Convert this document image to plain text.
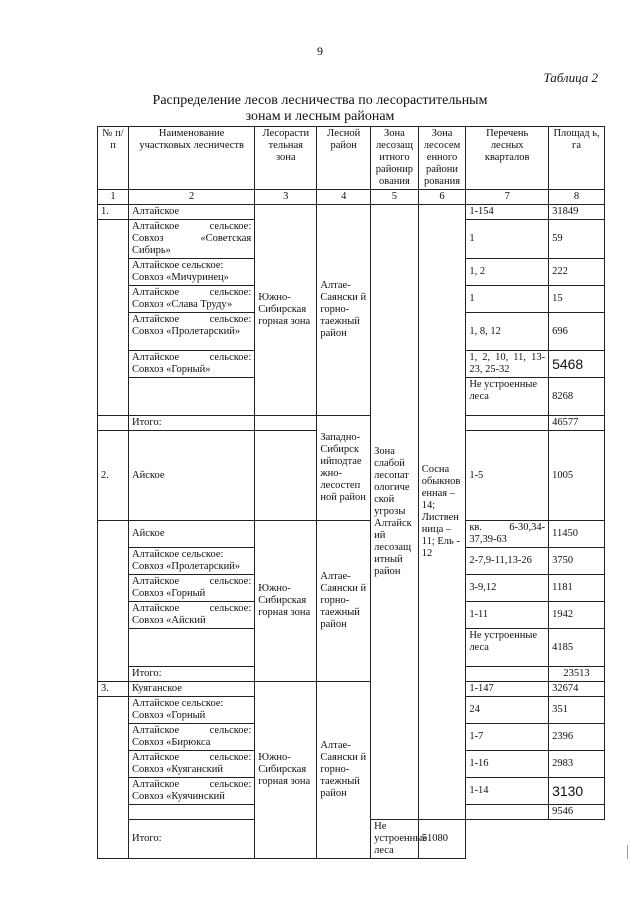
9
Таблица 2
Распределение лесов лесничества по лесорастительным
зонам и лесным районам
№ п/п	Наименование участковых лесничеств	Лесорасти тельная зона	Лесной район	Зона лесозащ итного районир ования	Зона лесосем енного райони рования	Перечень лесных кварталов	Площад ь, га
1	2	3	4	5	6	7	8
1.	Алтайское	Южно-Сибирская горная зона	Алтае-Саянски й горно-таежный район	Зона слабой лесопат ологиче ской угрозы Алтайск ий лесозащ итный район	Сосна обыкнов енная – 14; Листвен ница – 11; Ель - 12	1-154	31849
	Алтайское сельское: Совхоз «Советская Сибирь»					1	59
	Алтайское сельское: Совхоз «Мичуринец»					1, 2	222
	Алтайское сельское: Совхоз «Слава Труду»					1	15
	Алтайское сельское: Совхоз «Пролетарский»					1, 8, 12	696
	Алтайское сельское: Совхоз «Горный»					1, 2, 10, 11, 13-23, 25-32	5468
						Не устроенные леса	8268
	Итого:		Западно-Сибирск ийподтае жно-лесостеп ной район				46577
2.	Айское					1-5	1005
	Айское	Южно-Сибирская горная зона	Алтае-Саянски й горно-таежный район			кв. 6-30,34-37,39-63	11450
	Алтайское сельское: Совхоз «Пролетарский»					2-7,9-11,13-26	3750
	Алтайское сельское: Совхоз «Горный					3-9,12	1181
	Алтайское сельское: Совхоз «Айский					1-11	1942
						Не устроенные леса	4185
	Итого:						23513
3.	Куяганское	Южно-Сибирская горная зона	Алтае-Саянски й горно-таежный район			1-147	32674
	Алтайское сельское: Совхоз «Горный					24	351
	Алтайское сельское: Совхоз «Бирюкса					1-7	2396
	Алтайское сельское: Совхоз «Куяганский					1-16	2983
	Алтайское сельское: Совхоз «Куячинский					1-14	3130
							9546
	Итого:			Не устроенные леса	51080		
